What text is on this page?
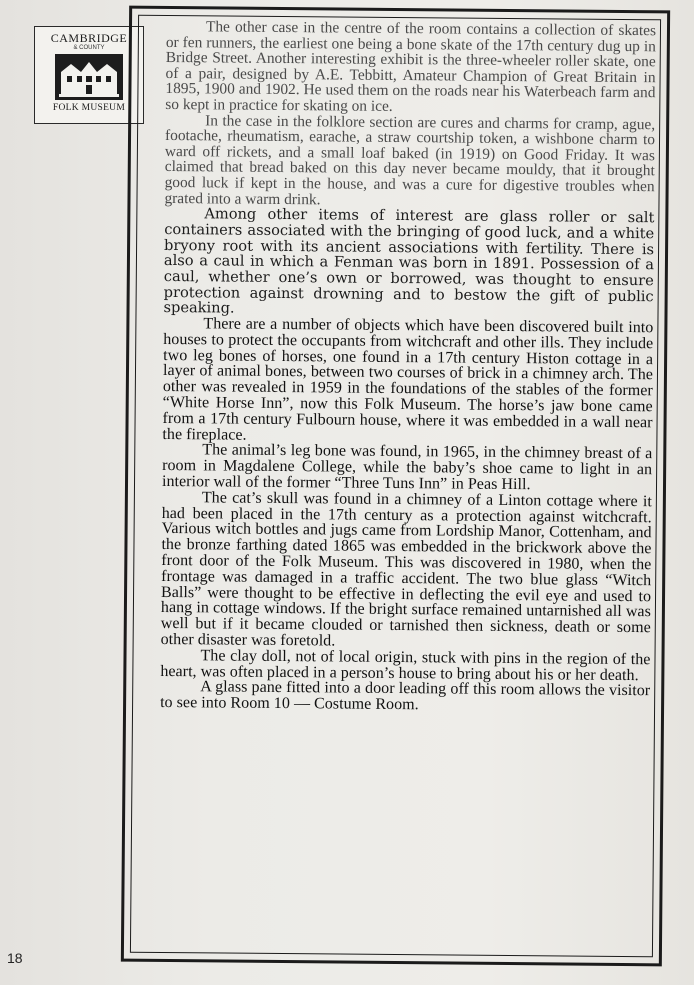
CAMBRIDGE
& COUNTY
FOLK MUSEUM

The other case in the centre of the room contains a collection of skates or fen runners, the earliest one being a bone skate of the 17th century dug up in Bridge Street. Another interesting exhibit is the three-wheeler roller skate, one of a pair, designed by A.E. Tebbitt, Amateur Champion of Great Britain in 1895, 1900 and 1902. He used them on the roads near his Waterbeach farm and so kept in practice for skating on ice.

In the case in the folklore section are cures and charms for cramp, ague, footache, rheumatism, earache, a straw courtship token, a wishbone charm to ward off rickets, and a small loaf baked (in 1919) on Good Friday. It was claimed that bread baked on this day never became mouldy, that it brought good luck if kept in the house, and was a cure for digestive troubles when grated into a warm drink.

Among other items of interest are glass roller or salt containers associated with the bringing of good luck, and a white bryony root with its ancient associations with fertility. There is also a caul in which a Fenman was born in 1891. Possession of a caul, whether one’s own or borrowed, was thought to ensure protection against drowning and to bestow the gift of public speaking.

There are a number of objects which have been discovered built into houses to protect the occupants from witchcraft and other ills. They include two leg bones of horses, one found in a 17th century Histon cottage in a layer of animal bones, between two courses of brick in a chimney arch. The other was revealed in 1959 in the foundations of the stables of the former “White Horse Inn”, now this Folk Museum. The horse’s jaw bone came from a 17th century Fulbourn house, where it was embedded in a wall near the fireplace.

The animal’s leg bone was found, in 1965, in the chimney breast of a room in Magdalene College, while the baby’s shoe came to light in an interior wall of the former “Three Tuns Inn” in Peas Hill.

The cat’s skull was found in a chimney of a Linton cottage where it had been placed in the 17th century as a protection against witchcraft. Various witch bottles and jugs came from Lordship Manor, Cottenham, and the bronze farthing dated 1865 was embedded in the brickwork above the front door of the Folk Museum. This was discovered in 1980, when the frontage was damaged in a traffic accident. The two blue glass “Witch Balls” were thought to be effective in deflecting the evil eye and used to hang in cottage windows. If the bright surface remained untarnished all was well but if it became clouded or tarnished then sickness, death or some other disaster was foretold.

The clay doll, not of local origin, stuck with pins in the region of the heart, was often placed in a person’s house to bring about his or her death.

A glass pane fitted into a door leading off this room allows the visitor to see into Room 10 — Costume Room.

18
